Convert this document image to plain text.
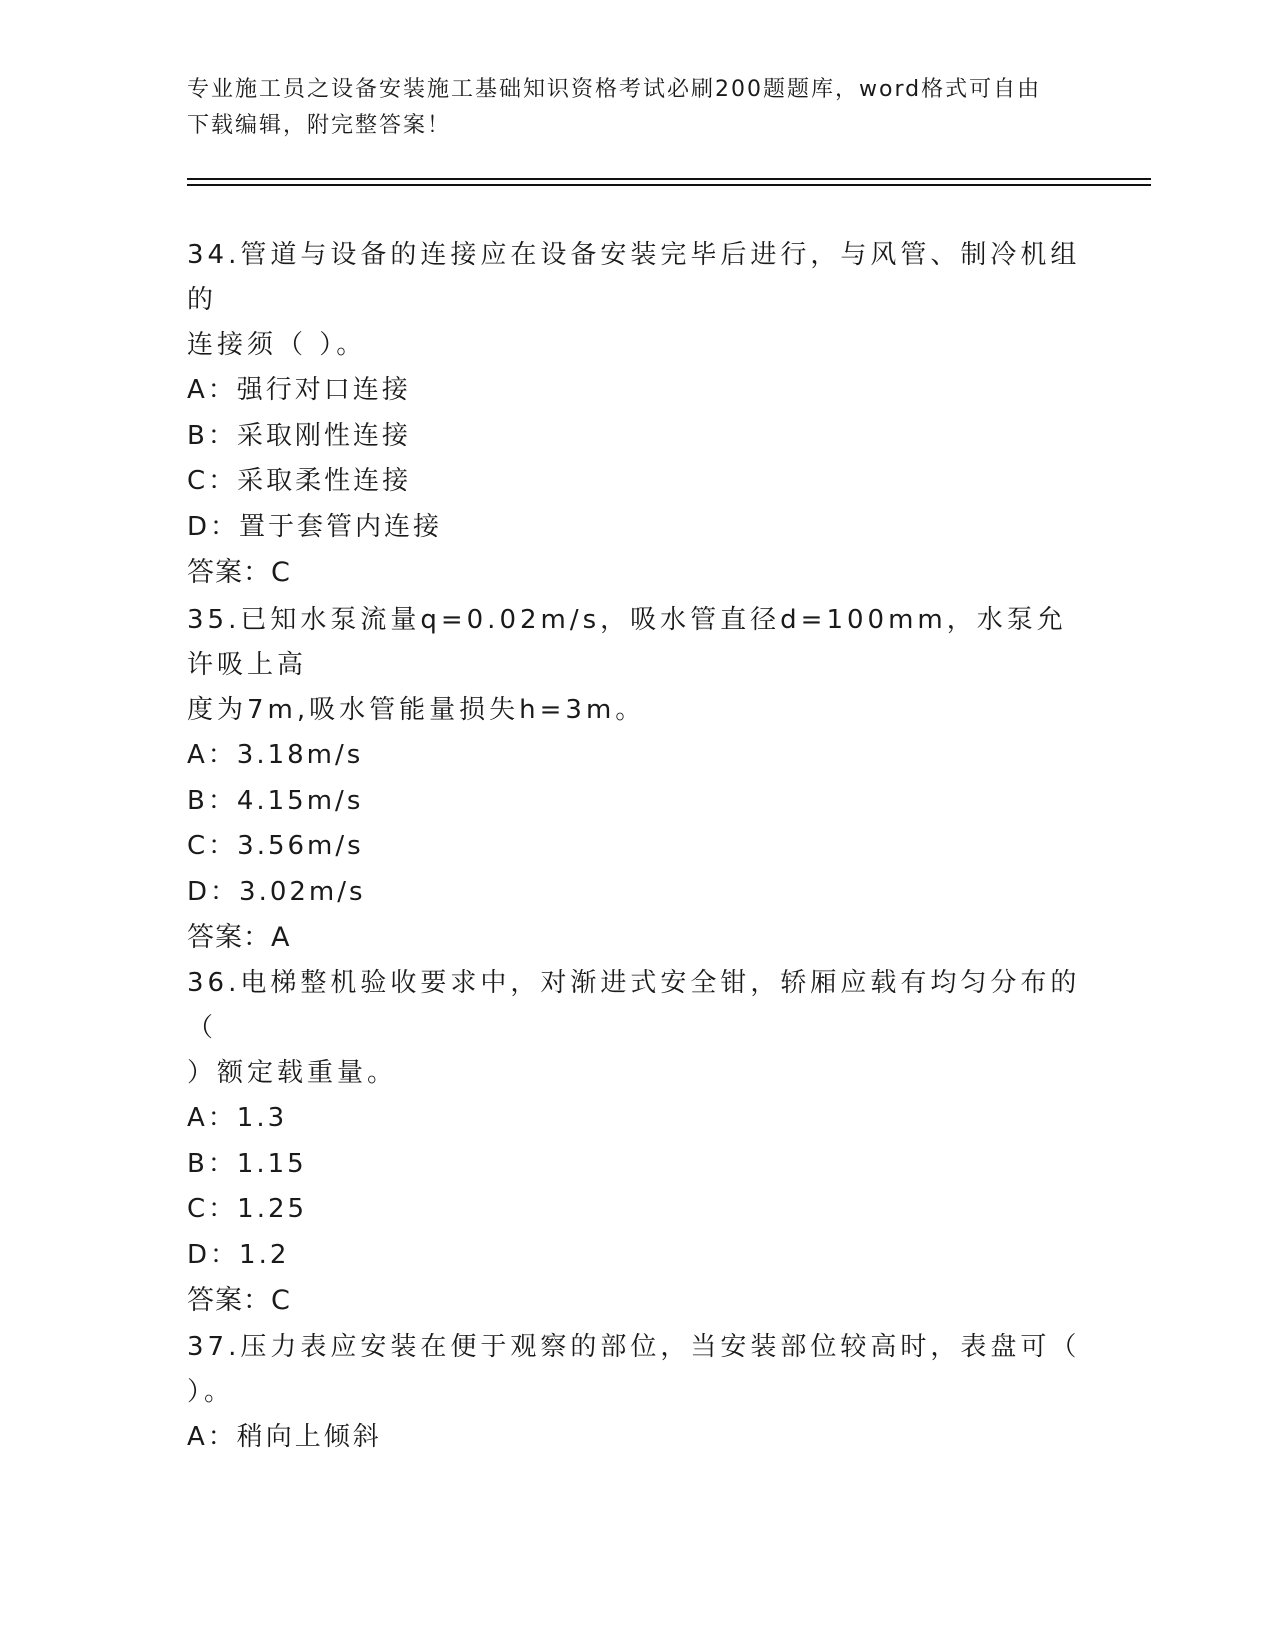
专业施工员之设备安装施工基础知识资格考试必刷200题题库，word格式可自由
下载编辑，附完整答案！

34.管道与设备的连接应在设备安装完毕后进行，与风管、制冷机组的

连接须（ ）。

A：强行对口连接

B：采取刚性连接

C：采取柔性连接

D：置于套管内连接

答案：C

35.已知水泵流量q=0.02m/s，吸水管直径d=100mm，水泵允许吸上高

度为7m,吸水管能量损失h=3m。

A：3.18m/s

B：4.15m/s

C：3.56m/s

D：3.02m/s

答案：A

36.电梯整机验收要求中，对渐进式安全钳，轿厢应载有均匀分布的（

）额定载重量。

A：1.3

B：1.15

C：1.25

D：1.2

答案：C

37.压力表应安装在便于观察的部位，当安装部位较高时，表盘可（

）。

A：稍向上倾斜
